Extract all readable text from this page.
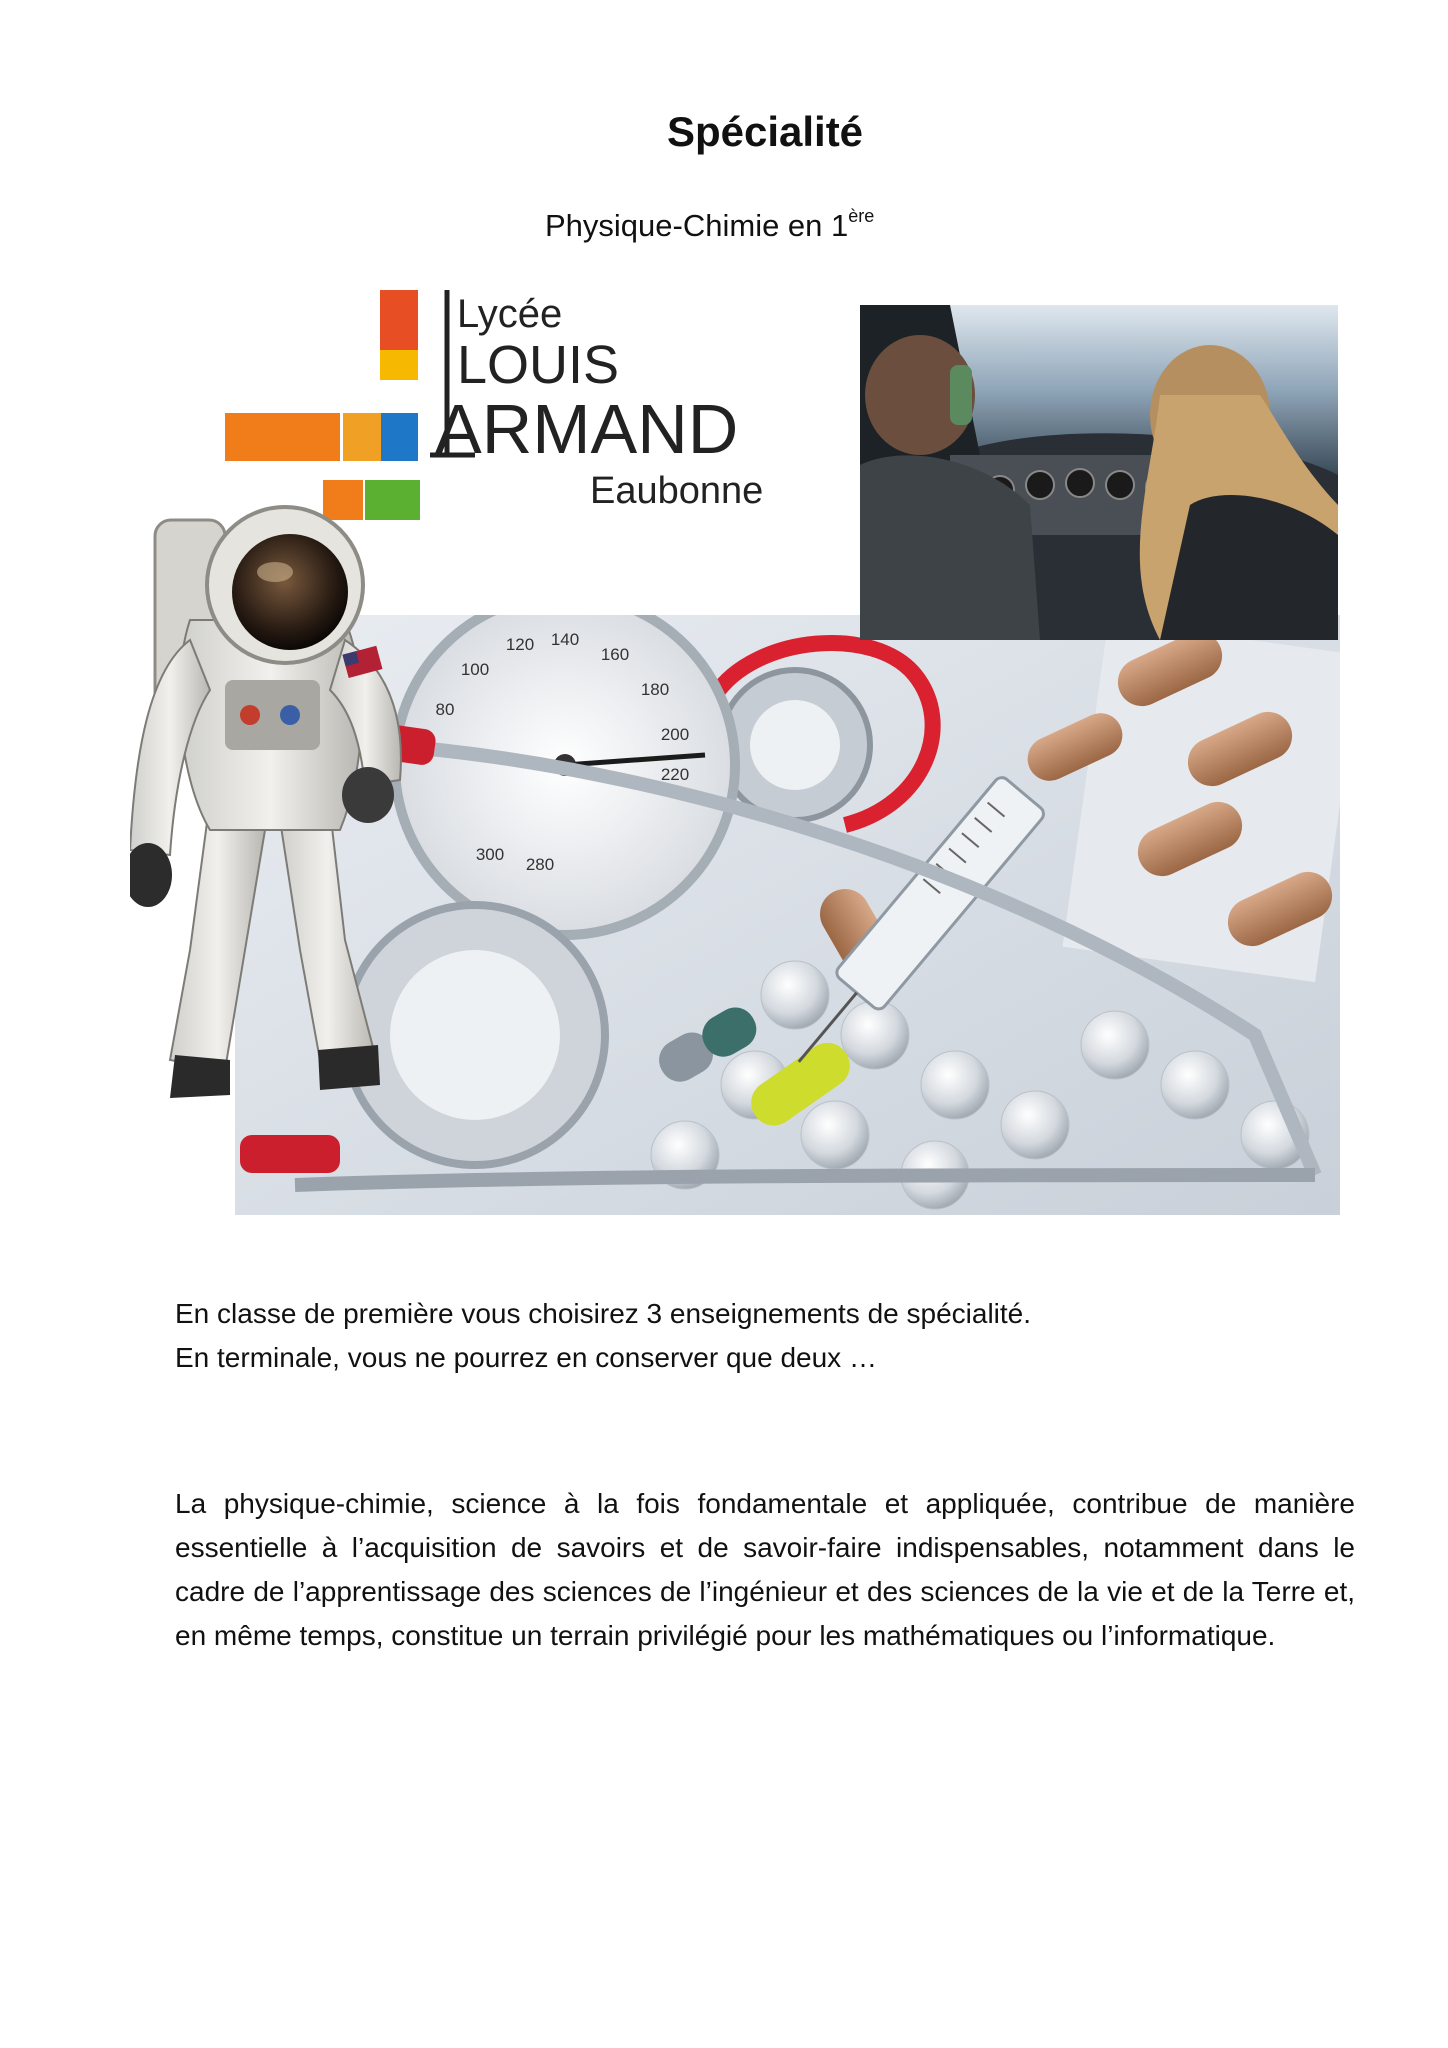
Spécialité

Physique-Chimie en 1ère

80
100
120 140
160
180
200
220
280
300
Lycée
LOUIS
ARMAND
Eaubonne

En classe de première vous choisirez 3 enseignements de spécialité.
En terminale, vous ne pourrez en conserver que deux …

La physique-chimie, science à la fois fondamentale et appliquée, contribue de manière essentielle à l’acquisition de savoirs et de savoir-faire indispensables, notamment dans le cadre de l’apprentissage des sciences de l’ingénieur et des sciences de la vie et de la Terre et, en même temps, constitue un terrain privilégié pour les mathématiques ou l’informatique.
